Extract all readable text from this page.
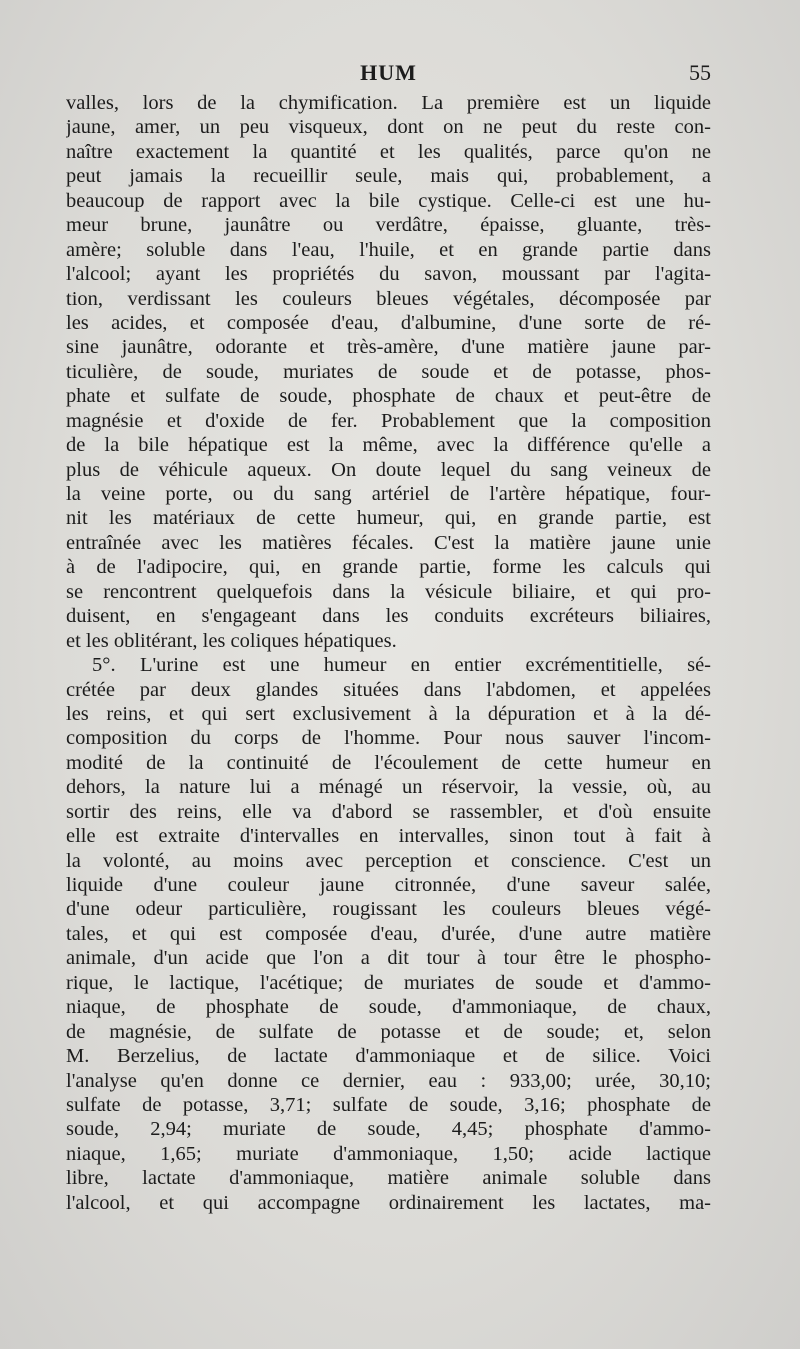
HUM	55
valles, lors de la chymification. La première est un liquide
jaune, amer, un peu visqueux, dont on ne peut du reste con-
naître exactement la quantité et les qualités, parce qu'on ne
peut jamais la recueillir seule, mais qui, probablement, a
beaucoup de rapport avec la bile cystique. Celle-ci est une hu-
meur brune, jaunâtre ou verdâtre, épaisse, gluante, très-
amère; soluble dans l'eau, l'huile, et en grande partie dans
l'alcool; ayant les propriétés du savon, moussant par l'agita-
tion, verdissant les couleurs bleues végétales, décomposée par
les acides, et composée d'eau, d'albumine, d'une sorte de ré-
sine jaunâtre, odorante et très-amère, d'une matière jaune par-
ticulière, de soude, muriates de soude et de potasse, phos-
phate et sulfate de soude, phosphate de chaux et peut-être de
magnésie et d'oxide de fer. Probablement que la composition
de la bile hépatique est la même, avec la différence qu'elle a
plus de véhicule aqueux. On doute lequel du sang veineux de
la veine porte, ou du sang artériel de l'artère hépatique, four-
nit les matériaux de cette humeur, qui, en grande partie, est
entraînée avec les matières fécales. C'est la matière jaune unie
à de l'adipocire, qui, en grande partie, forme les calculs qui
se rencontrent quelquefois dans la vésicule biliaire, et qui pro-
duisent, en s'engageant dans les conduits excréteurs biliaires,
et les oblitérant, les coliques hépatiques.
5°. L'urine est une humeur en entier excrémentitielle, sé-
crétée par deux glandes situées dans l'abdomen, et appelées
les reins, et qui sert exclusivement à la dépuration et à la dé-
composition du corps de l'homme. Pour nous sauver l'incom-
modité de la continuité de l'écoulement de cette humeur en
dehors, la nature lui a ménagé un réservoir, la vessie, où, au
sortir des reins, elle va d'abord se rassembler, et d'où ensuite
elle est extraite d'intervalles en intervalles, sinon tout à fait à
la volonté, au moins avec perception et conscience. C'est un
liquide d'une couleur jaune citronnée, d'une saveur salée,
d'une odeur particulière, rougissant les couleurs bleues végé-
tales, et qui est composée d'eau, d'urée, d'une autre matière
animale, d'un acide que l'on a dit tour à tour être le phospho-
rique, le lactique, l'acétique; de muriates de soude et d'ammo-
niaque, de phosphate de soude, d'ammoniaque, de chaux,
de magnésie, de sulfate de potasse et de soude; et, selon
M. Berzelius, de lactate d'ammoniaque et de silice. Voici
l'analyse qu'en donne ce dernier, eau : 933,00; urée, 30,10;
sulfate de potasse, 3,71; sulfate de soude, 3,16; phosphate de
soude, 2,94; muriate de soude, 4,45; phosphate d'ammo-
niaque, 1,65; muriate d'ammoniaque, 1,50; acide lactique
libre, lactate d'ammoniaque, matière animale soluble dans
l'alcool, et qui accompagne ordinairement les lactates, ma-
